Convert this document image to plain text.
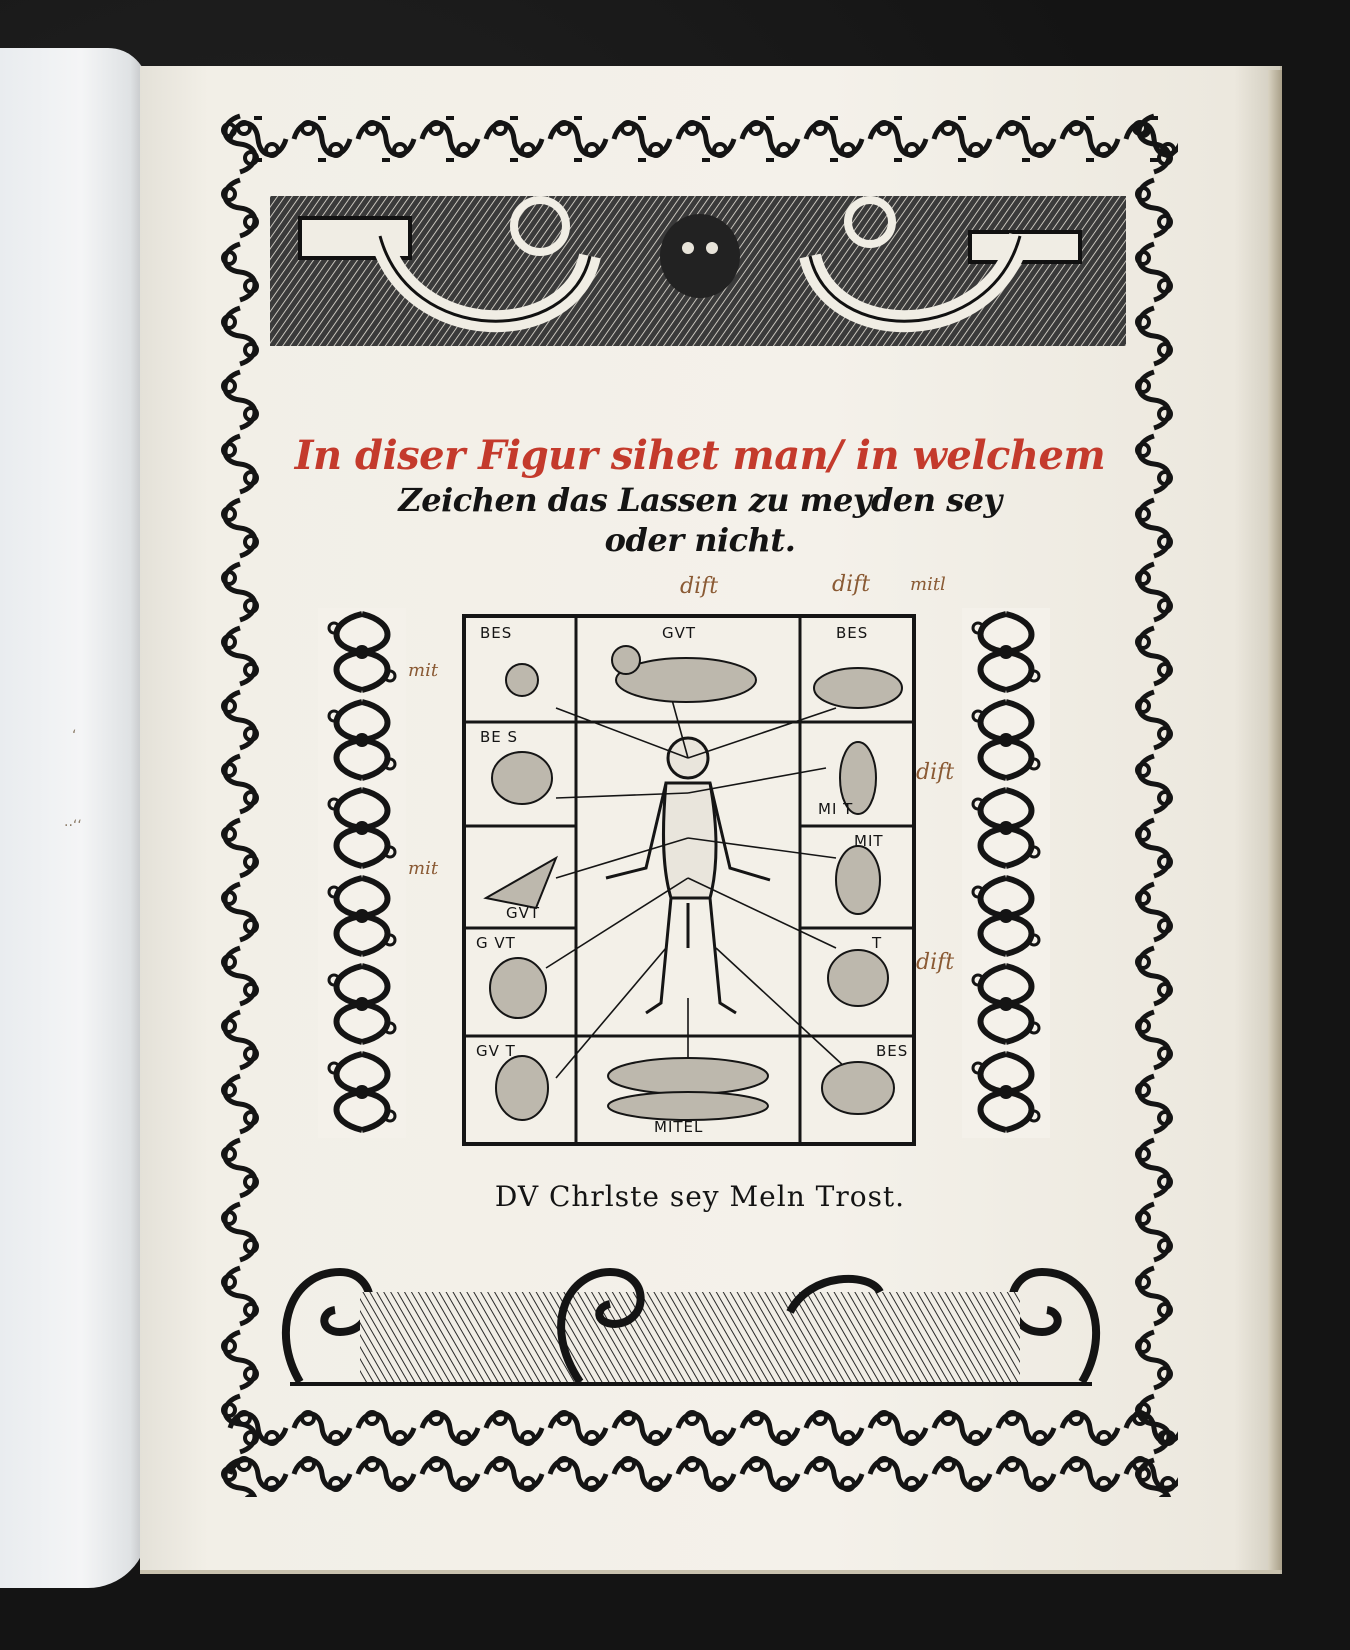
‘
··‘‘
In diser Figur sihet man/ in welchem
Zeichen das Lassen zu meyden sey
oder nicht.
BES	GVT	BES
BE S
MI T
MIT
GVT
T
G VT
GV T
MITEL
BES
dift	dift mitl
mit
mit
dift
dift
DV Chrlste sey Meln Trost.
